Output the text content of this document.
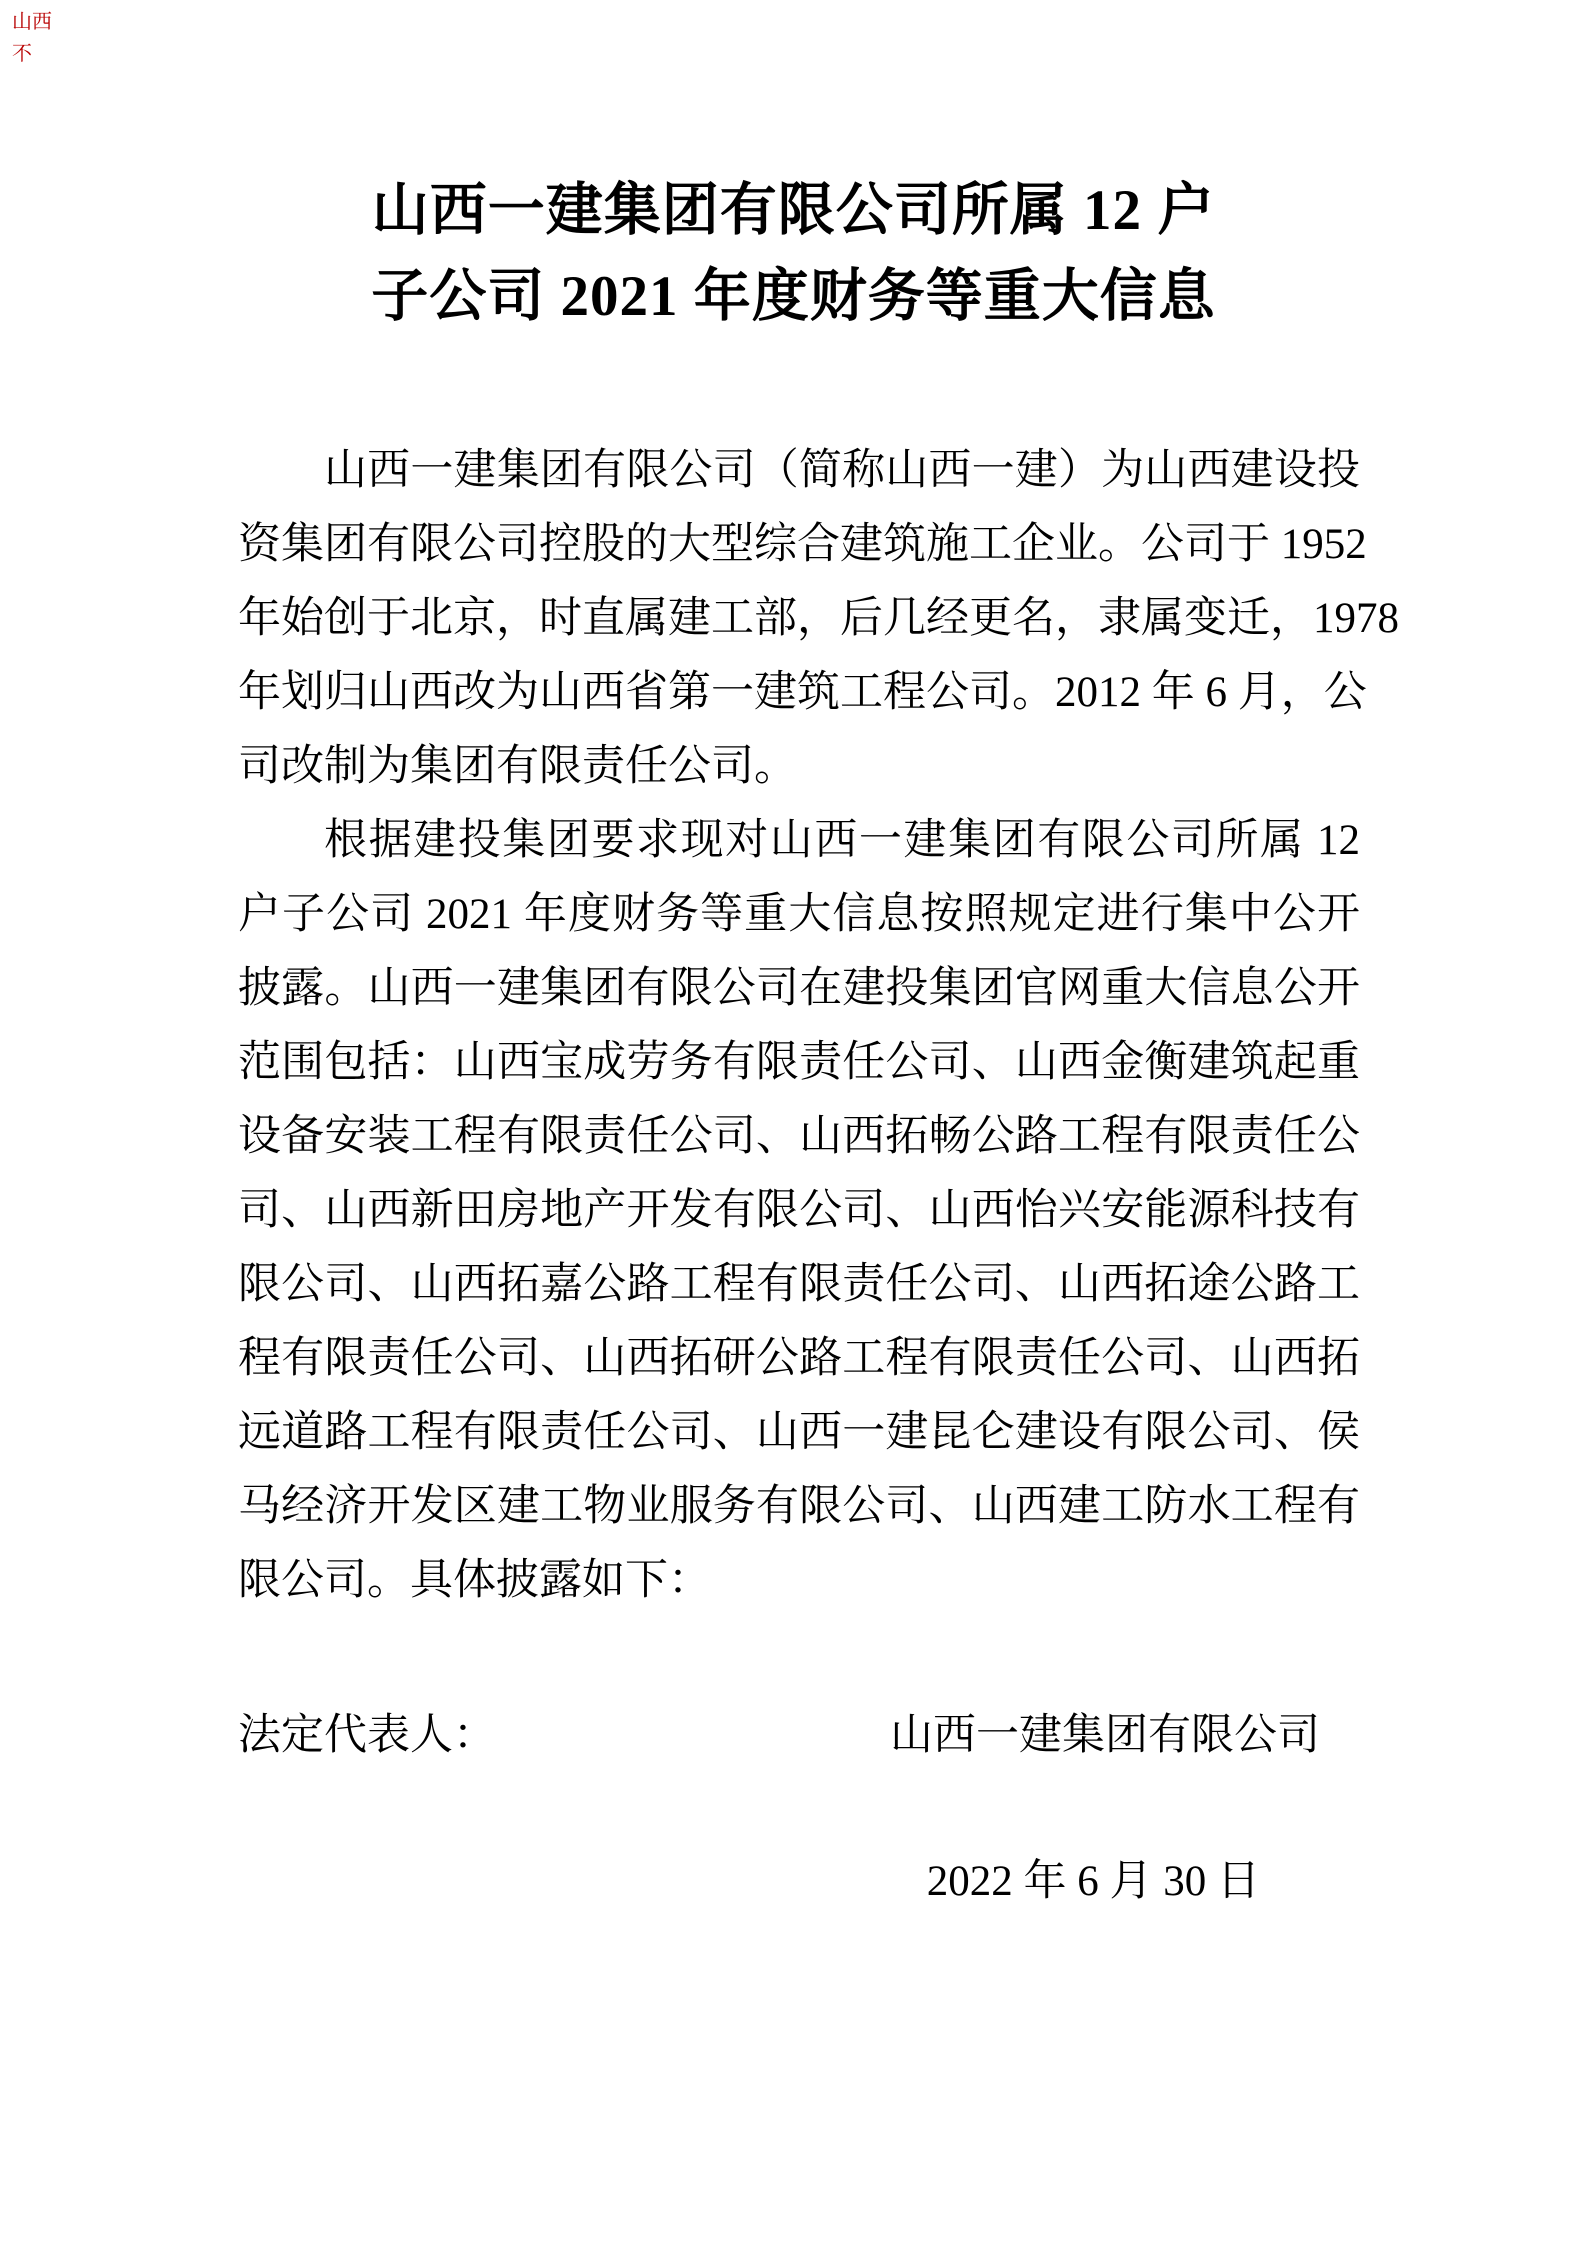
山西
不
山西一建集团有限公司所属 12 户
子公司 2021 年度财务等重大信息
山西一建集团有限公司（简称山西一建）为山西建设投
资集团有限公司控股的大型综合建筑施工企业。公司于 1952
年始创于北京，时直属建工部，后几经更名，隶属变迁，1978
年划归山西改为山西省第一建筑工程公司。2012 年 6 月，公
司改制为集团有限责任公司。
根据建投集团要求现对山西一建集团有限公司所属 12
户子公司 2021 年度财务等重大信息按照规定进行集中公开
披露。山西一建集团有限公司在建投集团官网重大信息公开
范围包括：山西宝成劳务有限责任公司、山西金衡建筑起重
设备安装工程有限责任公司、山西拓畅公路工程有限责任公
司、山西新田房地产开发有限公司、山西怡兴安能源科技有
限公司、山西拓嘉公路工程有限责任公司、山西拓途公路工
程有限责任公司、山西拓研公路工程有限责任公司、山西拓
远道路工程有限责任公司、山西一建昆仑建设有限公司、侯
马经济开发区建工物业服务有限公司、山西建工防水工程有
限公司。具体披露如下：
法定代表人：	山西一建集团有限公司
2022 年 6 月 30 日
